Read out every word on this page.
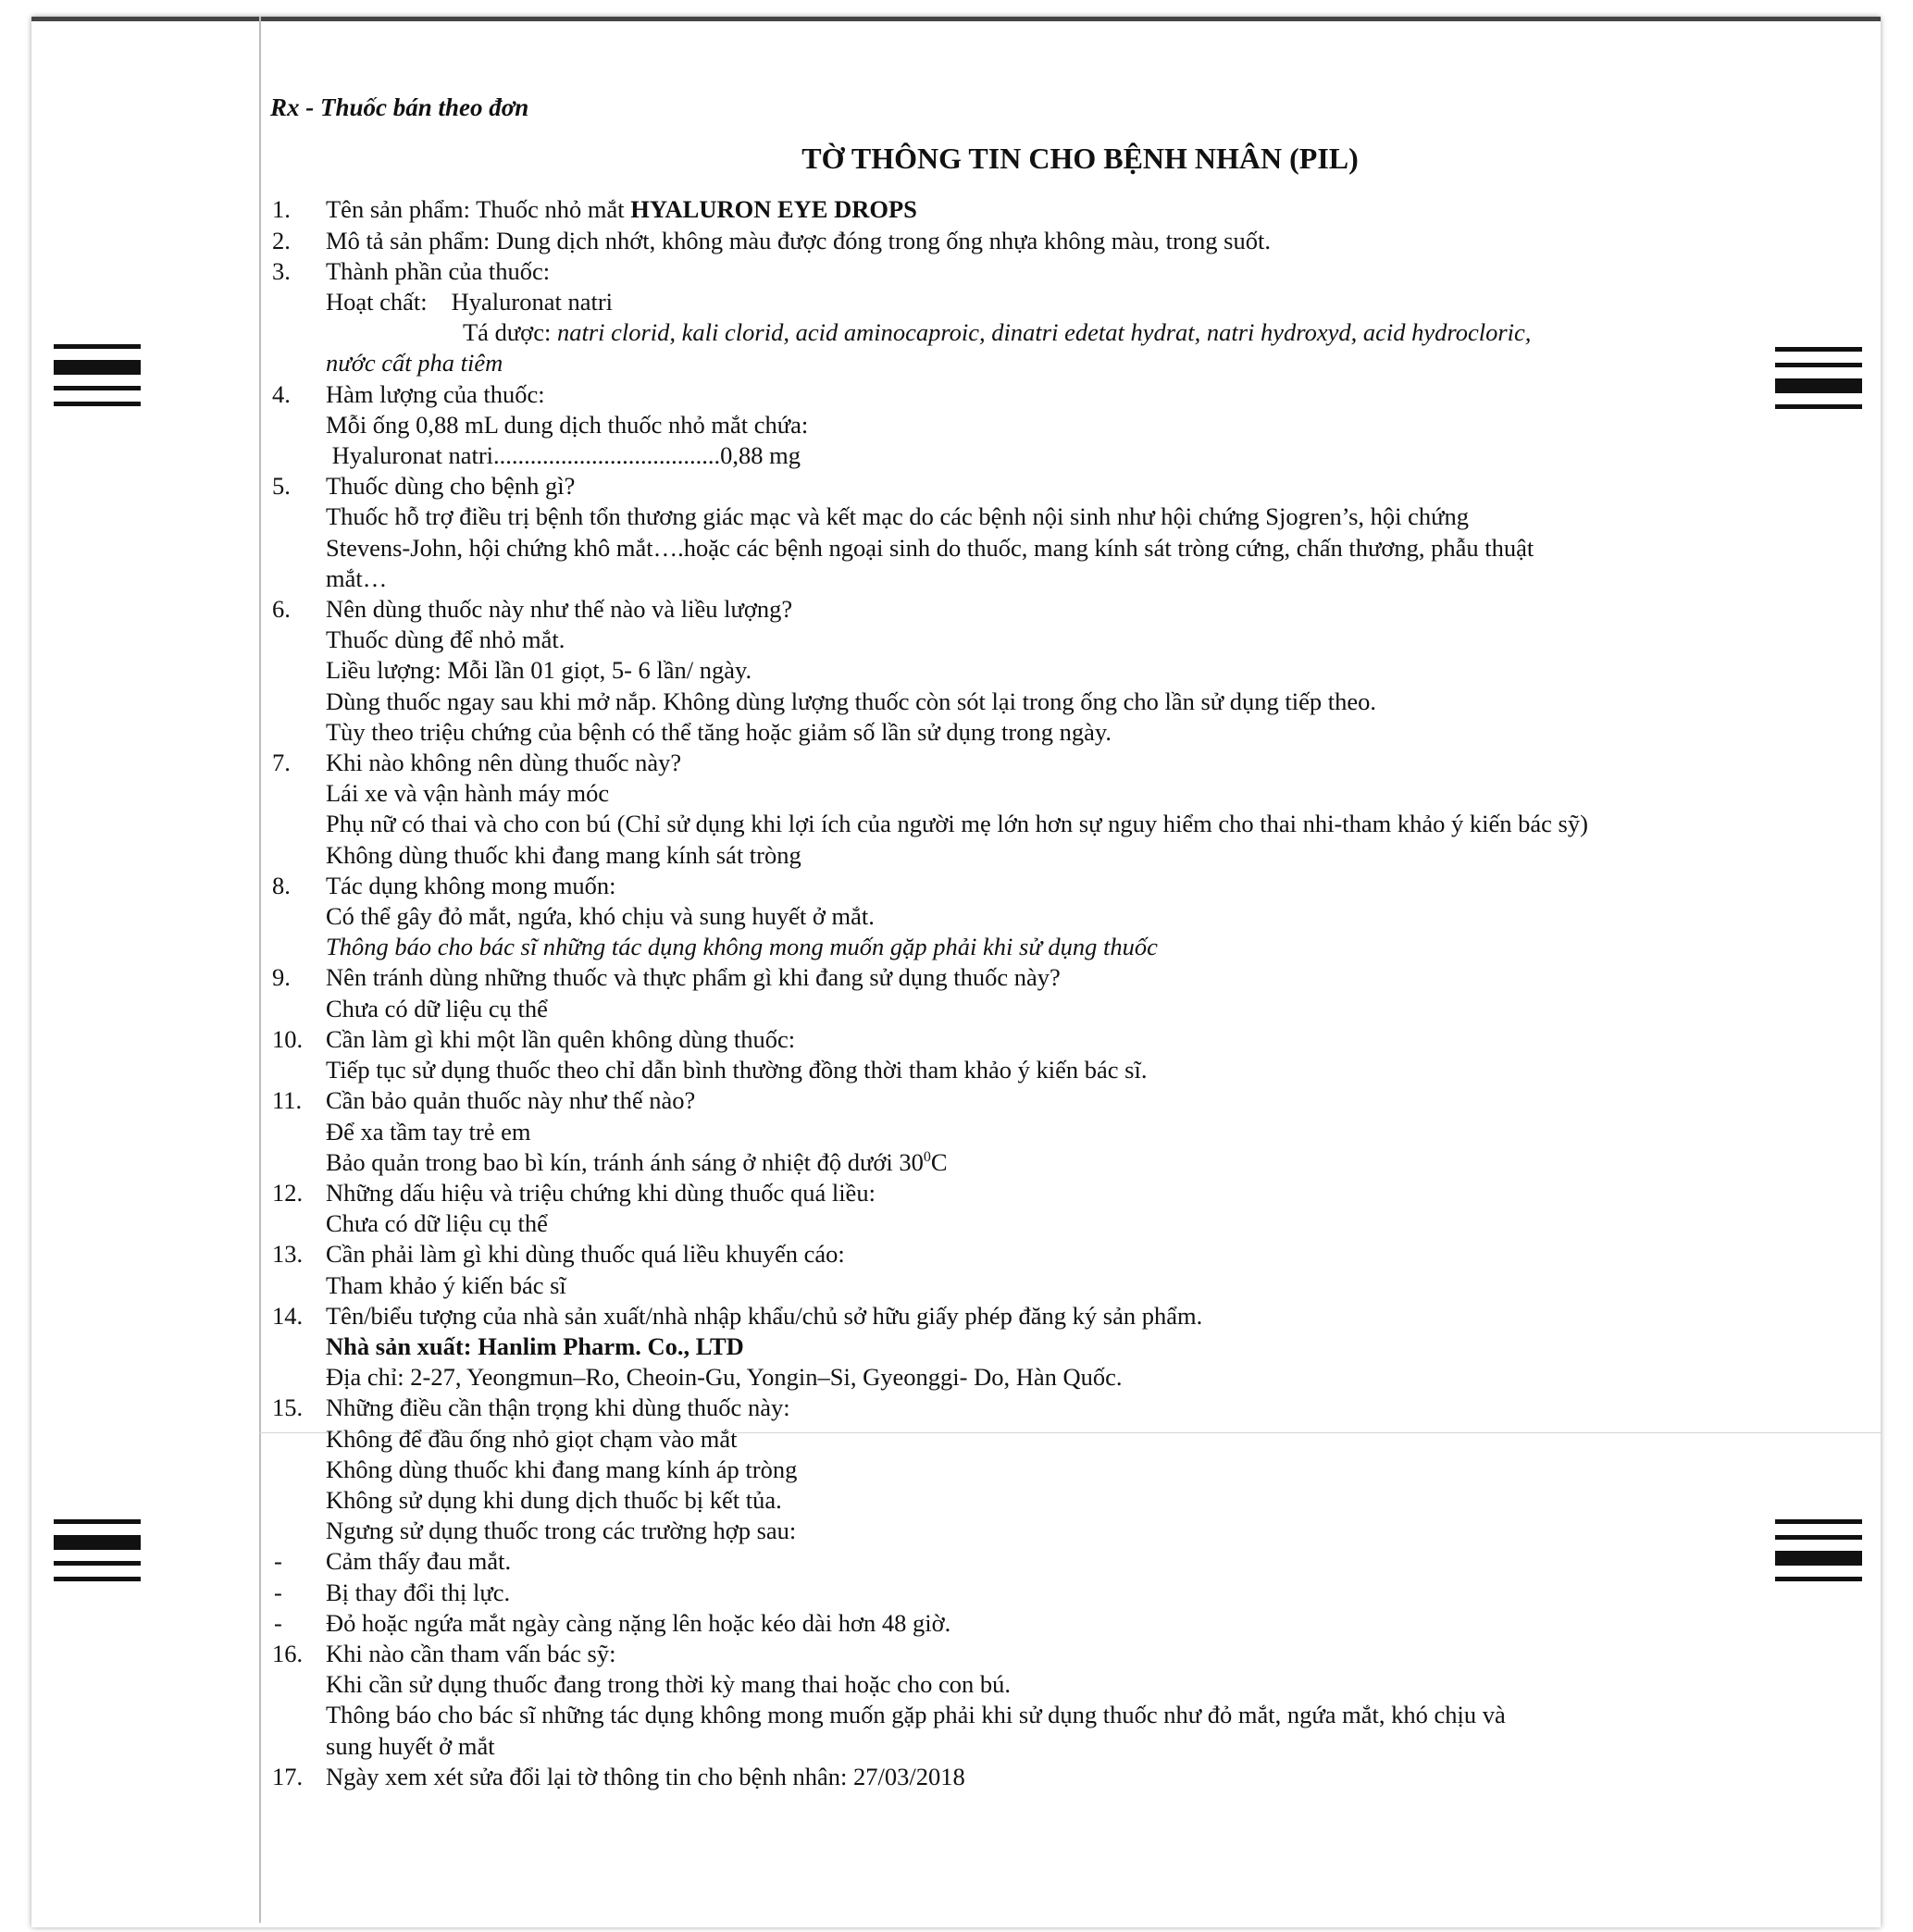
Rx - Thuốc bán theo đơn
TỜ THÔNG TIN CHO BỆNH NHÂN (PIL)
1. Tên sản phẩm: Thuốc nhỏ mắt HYALURON EYE DROPS
2. Mô tả sản phẩm: Dung dịch nhớt, không màu được đóng trong ống nhựa không màu, trong suốt.
3. Thành phần của thuốc:
Hoạt chất: Hyaluronat natri
Tá dược: natri clorid, kali clorid, acid aminocaproic, dinatri edetat hydrat, natri hydroxyd, acid hydrocloric,
nước cất pha tiêm
4. Hàm lượng của thuốc:
Mỗi ống 0,88 mL dung dịch thuốc nhỏ mắt chứa:
Hyaluronat natri.....................................0,88 mg
5. Thuốc dùng cho bệnh gì?
Thuốc hỗ trợ điều trị bệnh tổn thương giác mạc và kết mạc do các bệnh nội sinh như hội chứng Sjogren’s, hội chứng
Stevens-John, hội chứng khô mắt….hoặc các bệnh ngoại sinh do thuốc, mang kính sát tròng cứng, chấn thương, phẫu thuật
mắt…
6. Nên dùng thuốc này như thế nào và liều lượng?
Thuốc dùng để nhỏ mắt.
Liều lượng: Mỗi lần 01 giọt, 5- 6 lần/ ngày.
Dùng thuốc ngay sau khi mở nắp. Không dùng lượng thuốc còn sót lại trong ống cho lần sử dụng tiếp theo.
Tùy theo triệu chứng của bệnh có thể tăng hoặc giảm số lần sử dụng trong ngày.
7. Khi nào không nên dùng thuốc này?
Lái xe và vận hành máy móc
Phụ nữ có thai và cho con bú (Chỉ sử dụng khi lợi ích của người mẹ lớn hơn sự nguy hiểm cho thai nhi-tham khảo ý kiến bác sỹ)
Không dùng thuốc khi đang mang kính sát tròng
8. Tác dụng không mong muốn:
Có thể gây đỏ mắt, ngứa, khó chịu và sung huyết ở mắt.
Thông báo cho bác sĩ những tác dụng không mong muốn gặp phải khi sử dụng thuốc
9. Nên tránh dùng những thuốc và thực phẩm gì khi đang sử dụng thuốc này?
Chưa có dữ liệu cụ thể
10. Cần làm gì khi một lần quên không dùng thuốc:
Tiếp tục sử dụng thuốc theo chỉ dẫn bình thường đồng thời tham khảo ý kiến bác sĩ.
11. Cần bảo quản thuốc này như thế nào?
Để xa tầm tay trẻ em
Bảo quản trong bao bì kín, tránh ánh sáng ở nhiệt độ dưới $30^0C$
12. Những dấu hiệu và triệu chứng khi dùng thuốc quá liều:
Chưa có dữ liệu cụ thể
13. Cần phải làm gì khi dùng thuốc quá liều khuyến cáo:
Tham khảo ý kiến bác sĩ
14. Tên/biểu tượng của nhà sản xuất/nhà nhập khẩu/chủ sở hữu giấy phép đăng ký sản phẩm.
Nhà sản xuất: Hanlim Pharm. Co., LTD
Địa chỉ: 2-27, Yeongmun–Ro, Cheoin-Gu, Yongin–Si, Gyeonggi- Do, Hàn Quốc.
15. Những điều cần thận trọng khi dùng thuốc này:
Không để đầu ống nhỏ giọt chạm vào mắt
Không dùng thuốc khi đang mang kính áp tròng
Không sử dụng khi dung dịch thuốc bị kết tủa.
Ngưng sử dụng thuốc trong các trường hợp sau:
- Cảm thấy đau mắt.
- Bị thay đổi thị lực.
- Đỏ hoặc ngứa mắt ngày càng nặng lên hoặc kéo dài hơn 48 giờ.
16. Khi nào cần tham vấn bác sỹ:
Khi cần sử dụng thuốc đang trong thời kỳ mang thai hoặc cho con bú.
Thông báo cho bác sĩ những tác dụng không mong muốn gặp phải khi sử dụng thuốc như đỏ mắt, ngứa mắt, khó chịu và
sung huyết ở mắt
17. Ngày xem xét sửa đổi lại tờ thông tin cho bệnh nhân: 27/03/2018
